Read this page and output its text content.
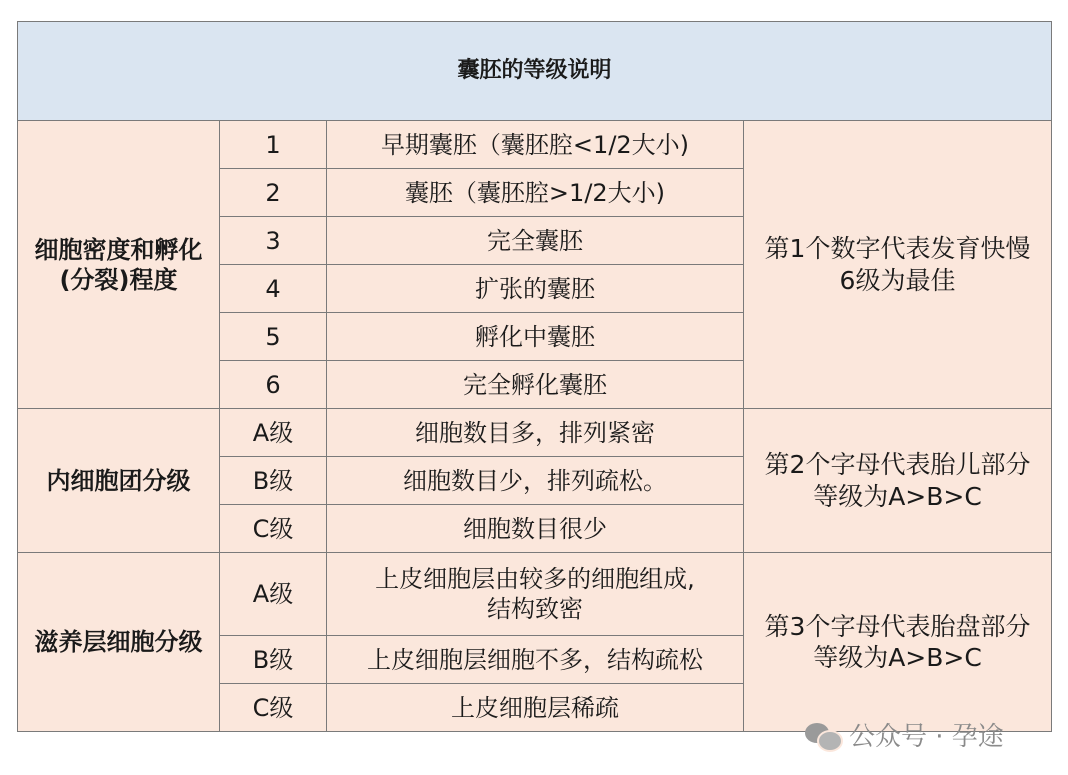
囊胚的等级说明			
细胞密度和孵化
(分裂)程度	1	早期囊胚（囊胚腔<1/2大小)	第1个数字代表发育快慢
6级为最佳
	2	囊胚（囊胚腔>1/2大小)	
	3	完全囊胚	
	4	扩张的囊胚	
	5	孵化中囊胚	
	6	完全孵化囊胚	
内细胞团分级	A级	细胞数目多，排列紧密	第2个字母代表胎儿部分
等级为A>B>C
	B级	细胞数目少，排列疏松。	
	C级	细胞数目很少	
滋养层细胞分级	A级	上皮细胞层由较多的细胞组成,
结构致密	第3个字母代表胎盘部分
等级为A>B>C
	B级	上皮细胞层细胞不多，结构疏松	
	C级	上皮细胞层稀疏	
公众号 · 孕途
